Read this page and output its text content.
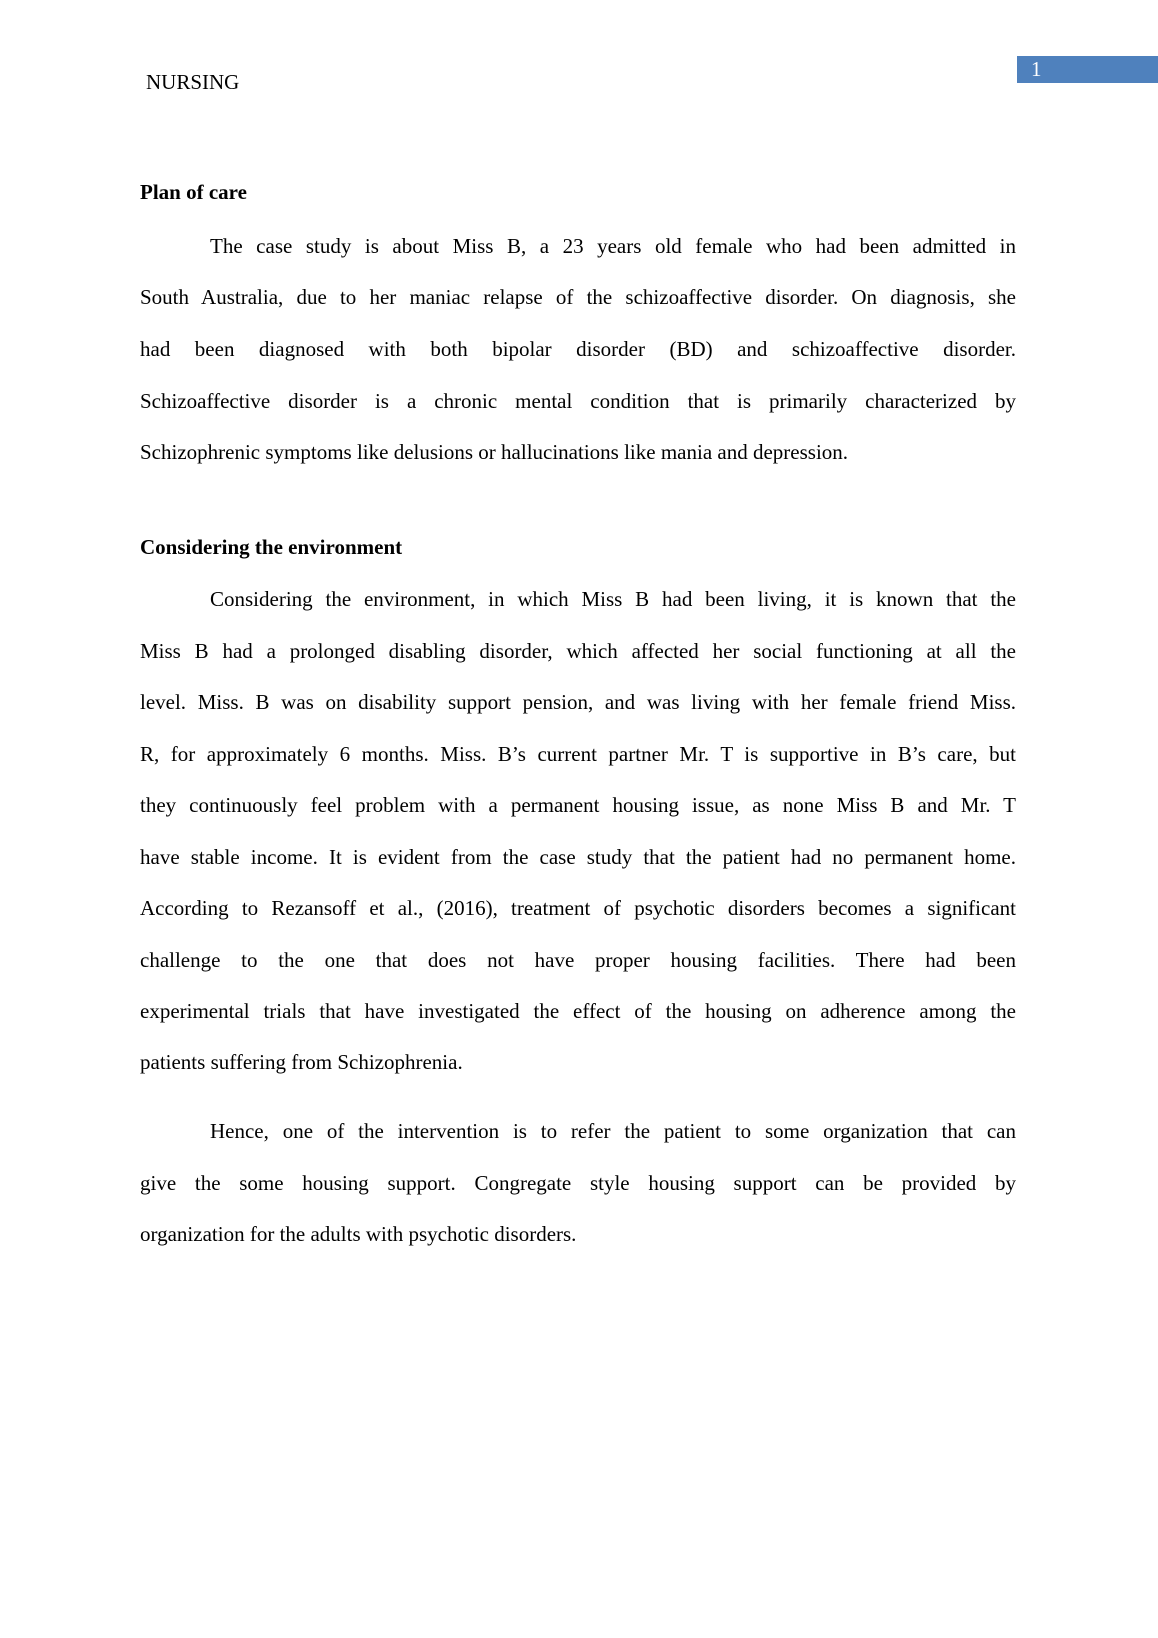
NURSING
1
Plan of care
The case study is about Miss B, a 23 years old female who had been admitted in
South Australia, due to her maniac relapse of the schizoaffective disorder. On diagnosis, she
had been diagnosed with both bipolar disorder (BD) and schizoaffective disorder.
Schizoaffective disorder is a chronic mental condition that is primarily characterized by
Schizophrenic symptoms like delusions or hallucinations like mania and depression.
Considering the environment
Considering the environment, in which Miss B had been living, it is known that the
Miss B had a prolonged disabling disorder, which affected her social functioning at all the
level. Miss. B was on disability support pension, and was living with her female friend Miss.
R, for approximately 6 months. Miss. B’s current partner Mr. T is supportive in B’s care, but
they continuously feel problem with a permanent housing issue, as none Miss B and Mr. T
have stable income. It is evident from the case study that the patient had no permanent home.
According to Rezansoff et al., (2016), treatment of psychotic disorders becomes a significant
challenge to the one that does not have proper housing facilities. There had been
experimental trials that have investigated the effect of the housing on adherence among the
patients suffering from Schizophrenia.
Hence, one of the intervention is to refer the patient to some organization that can
give the some housing support. Congregate style housing support can be provided by
organization for the adults with psychotic disorders.
